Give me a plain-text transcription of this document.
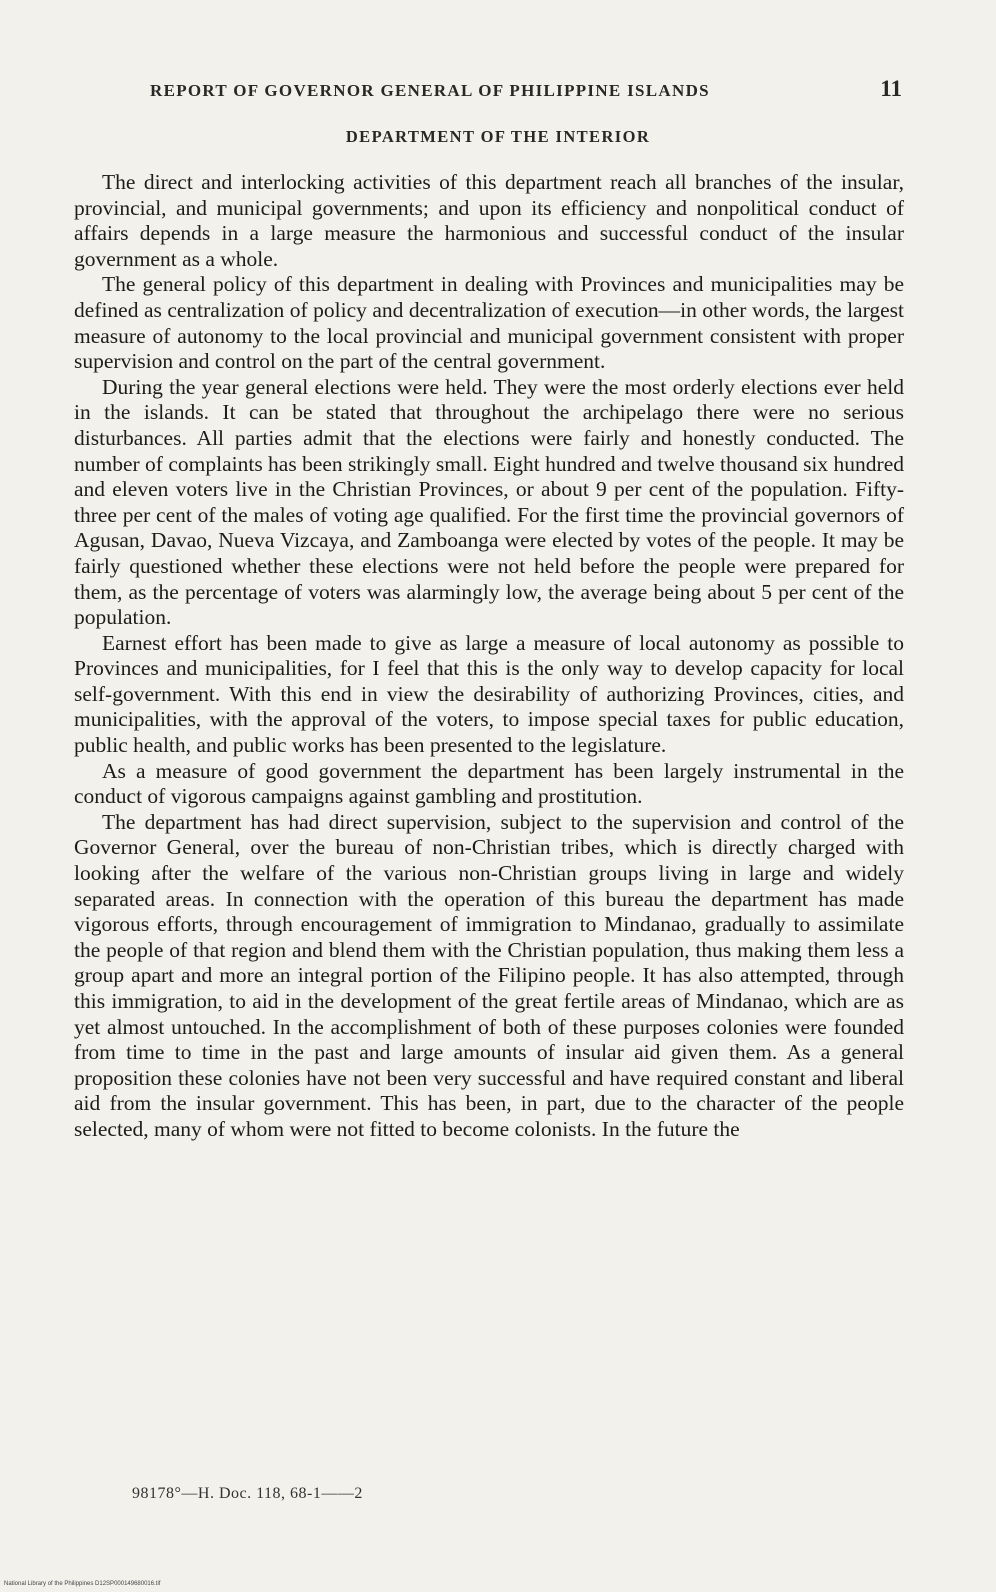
REPORT OF GOVERNOR GENERAL OF PHILIPPINE ISLANDS	11
DEPARTMENT OF THE INTERIOR

The direct and interlocking activities of this department reach all branches of the insular, provincial, and municipal governments; and upon its efficiency and nonpolitical conduct of affairs depends in a large measure the harmonious and successful conduct of the insular government as a whole.

The general policy of this department in dealing with Provinces and municipalities may be defined as centralization of policy and decentralization of execution—in other words, the largest measure of autonomy to the local provincial and municipal government consistent with proper supervision and control on the part of the central government.

During the year general elections were held. They were the most orderly elections ever held in the islands. It can be stated that throughout the archipelago there were no serious disturbances. All parties admit that the elections were fairly and honestly conducted. The number of complaints has been strikingly small. Eight hundred and twelve thousand six hundred and eleven voters live in the Christian Provinces, or about 9 per cent of the population. Fifty-three per cent of the males of voting age qualified. For the first time the provincial governors of Agusan, Davao, Nueva Vizcaya, and Zamboanga were elected by votes of the people. It may be fairly questioned whether these elections were not held before the people were prepared for them, as the percentage of voters was alarmingly low, the average being about 5 per cent of the population.

Earnest effort has been made to give as large a measure of local autonomy as possible to Provinces and municipalities, for I feel that this is the only way to develop capacity for local self-government. With this end in view the desirability of authorizing Provinces, cities, and municipalities, with the approval of the voters, to impose special taxes for public education, public health, and public works has been presented to the legislature.

As a measure of good government the department has been largely instrumental in the conduct of vigorous campaigns against gambling and prostitution.

The department has had direct supervision, subject to the supervision and control of the Governor General, over the bureau of non-Christian tribes, which is directly charged with looking after the welfare of the various non-Christian groups living in large and widely separated areas. In connection with the operation of this bureau the department has made vigorous efforts, through encouragement of immigration to Mindanao, gradually to assimilate the people of that region and blend them with the Christian population, thus making them less a group apart and more an integral portion of the Filipino people. It has also attempted, through this immigration, to aid in the development of the great fertile areas of Mindanao, which are as yet almost untouched. In the accomplishment of both of these purposes colonies were founded from time to time in the past and large amounts of insular aid given them. As a general proposition these colonies have not been very successful and have required constant and liberal aid from the insular government. This has been, in part, due to the character of the people selected, many of whom were not fitted to become colonists. In the future the

98178°—H. Doc. 118, 68-1——2
National Library of the Philippines D12SP000149680016.tif
